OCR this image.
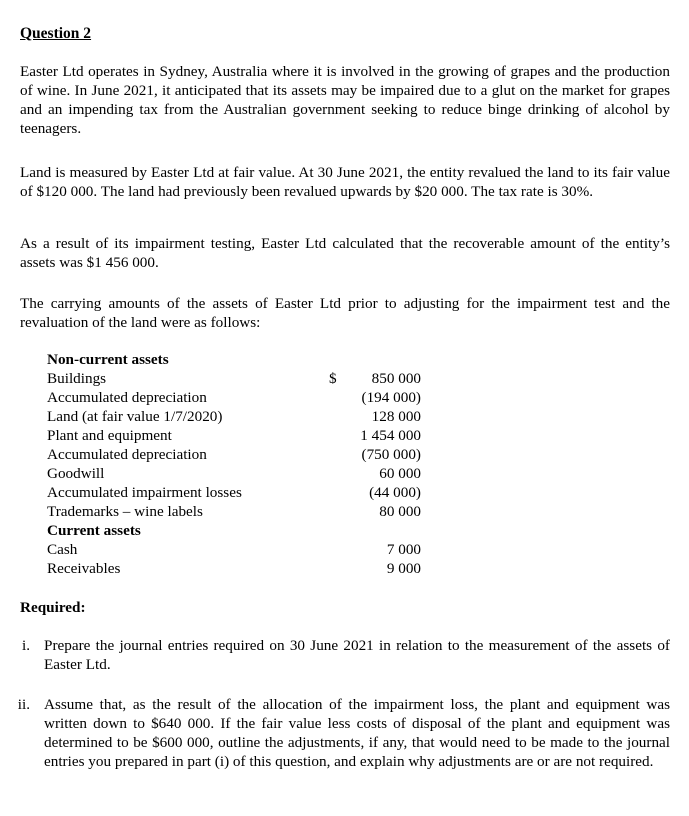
Question 2

Easter Ltd operates in Sydney, Australia where it is involved in the growing of grapes and the production of wine. In June 2021, it anticipated that its assets may be impaired due to a glut on the market for grapes and an impending tax from the Australian government seeking to reduce binge drinking of alcohol by teenagers.

Land is measured by Easter Ltd at fair value. At 30 June 2021, the entity revalued the land to its fair value of $120 000. The land had previously been revalued upwards by $20 000. The tax rate is 30%.

As a result of its impairment testing, Easter Ltd calculated that the recoverable amount of the entity’s assets was $1 456 000.

The carrying amounts of the assets of Easter Ltd prior to adjusting for the impairment test and the revaluation of the land were as follows:

Non-current assets
Buildings	$ 850 000
Accumulated depreciation	(194 000)
Land (at fair value 1/7/2020)	128 000
Plant and equipment	1 454 000
Accumulated depreciation	(750 000)
Goodwill	60 000
Accumulated impairment losses	(44 000)
Trademarks – wine labels	80 000
Current assets
Cash	7 000
Receivables	9 000
Required:
i. Prepare the journal entries required on 30 June 2021 in relation to the measurement of the assets of Easter Ltd.
ii. Assume that, as the result of the allocation of the impairment loss, the plant and equipment was written down to $640 000. If the fair value less costs of disposal of the plant and equipment was determined to be $600 000, outline the adjustments, if any, that would need to be made to the journal entries you prepared in part (i) of this question, and explain why adjustments are or are not required.
